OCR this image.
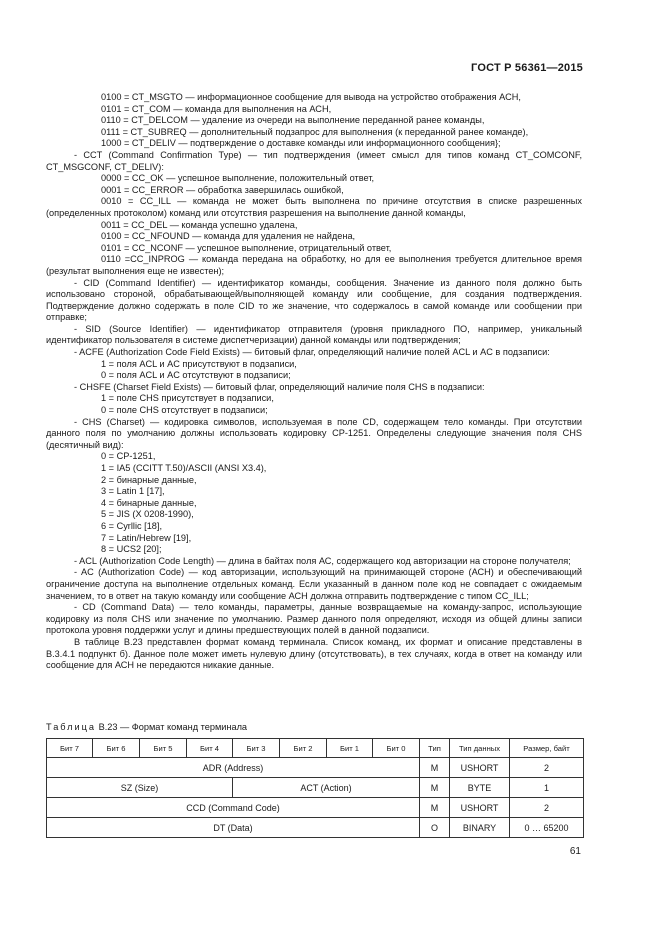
ГОСТ Р 56361—2015
0100 = CT_MSGTO — информационное сообщение для вывода на устройство отображения АСН,
0101 = CT_COM — команда для выполнения на АСН,
0110 = CT_DELCOM — удаление из очереди на выполнение переданной ранее команды,
0111 = CT_SUBREQ — дополнительный подзапрос для выполнения (к переданной ранее команде),
1000 = CT_DELIV — подтверждение о доставке команды или информационного сообщения};
- CCT (Command Confirmation Type) — тип подтверждения (имеет смысл для типов команд CT_COMCONF, CT_MSGCONF, CT_DELIV):
0000 = CC_OK — успешное выполнение, положительный ответ,
0001 = CC_ERROR — обработка завершилась ошибкой,
0010 = CC_ILL — команда не может быть выполнена по причине отсутствия в списке разрешенных (определенных протоколом) команд или отсутствия разрешения на выполнение данной команды,
0011 = CC_DEL — команда успешно удалена,
0100 = CC_NFOUND — команда для удаления не найдена,
0101 = CC_NCONF — успешное выполнение, отрицательный ответ,
0110 =CC_INPROG — команда передана на обработку, но для ее выполнения требуется длительное время (результат выполнения еще не известен);
- CID (Command Identifier) — идентификатор команды, сообщения. Значение из данного поля должно быть использовано стороной, обрабатывающей/выполняющей команду или сообщение, для создания подтверждения. Подтверждение должно содержать в поле CID то же значение, что содержалось в самой команде или сообщении при отправке;
- SID (Source Identifier) — идентификатор отправителя (уровня прикладного ПО, например, уникальный идентификатор пользователя в системе диспетчеризации) данной команды или подтверждения;
- ACFE (Authorization Code Field Exists) — битовый флаг, определяющий наличие полей ACL и AC в подзаписи:
1 = поля ACL и AC присутствуют в подзаписи,
0 = поля ACL и AC отсутствуют в подзаписи;
- CHSFE (Charset Field Exists) — битовый флаг, определяющий наличие поля CHS в подзаписи:
1 = поле CHS присутствует в подзаписи,
0 = поле CHS отсутствует в подзаписи;
- CHS (Charset) — кодировка символов, используемая в поле CD, содержащем тело команды. При отсутствии данного поля по умолчанию должны использовать кодировку CP-1251. Определены следующие значения поля CHS (десятичный вид):
0 = CP-1251,
1 = IA5 (CCITT T.50)/ASCII (ANSI X3.4),
2 = бинарные данные,
3 = Latin 1 [17],
4 = бинарные данные,
5 = JIS (X 0208-1990),
6 = Cyrllic [18],
7 = Latin/Hebrew [19],
8 = UCS2 [20];
- ACL (Authorization Code Length) — длина в байтах поля АС, содержащего код авторизации на стороне получателя;
- AC (Authorization Code) — код авторизации, использующий на принимающей стороне (АСН) и обеспечивающий ограничение доступа на выполнение отдельных команд. Если указанный в данном поле код не совпадает с ожидаемым значением, то в ответ на такую команду или сообщение АСН должна отправить подтверждение с типом CC_ILL;
- CD (Command Data) — тело команды, параметры, данные возвращаемые на команду-запрос, использующие кодировку из поля CHS или значение по умолчанию. Размер данного поля определяют, исходя из общей длины записи протокола уровня поддержки услуг и длины предшествующих полей в данной подзаписи.
В таблице В.23 представлен формат команд терминала. Список команд, их формат и описание представлены в В.3.4.1 подпункт б). Данное поле может иметь нулевую длину (отсутствовать), в тех случаях, когда в ответ на команду или сообщение для АСН не передаются никакие данные.
Таблица В.23 — Формат команд терминала
Бит 7	Бит 6	Бит 5	Бит 4	Бит 3	Бит 2	Бит 1	Бит 0	Тип	Тип данных	Размер, байт
ADR (Address)								M	USHORT	2
SZ (Size)				ACT (Action)				M	BYTE	1
CCD (Command Code)								M	USHORT	2
DT (Data)								O	BINARY	0 … 65200
61
